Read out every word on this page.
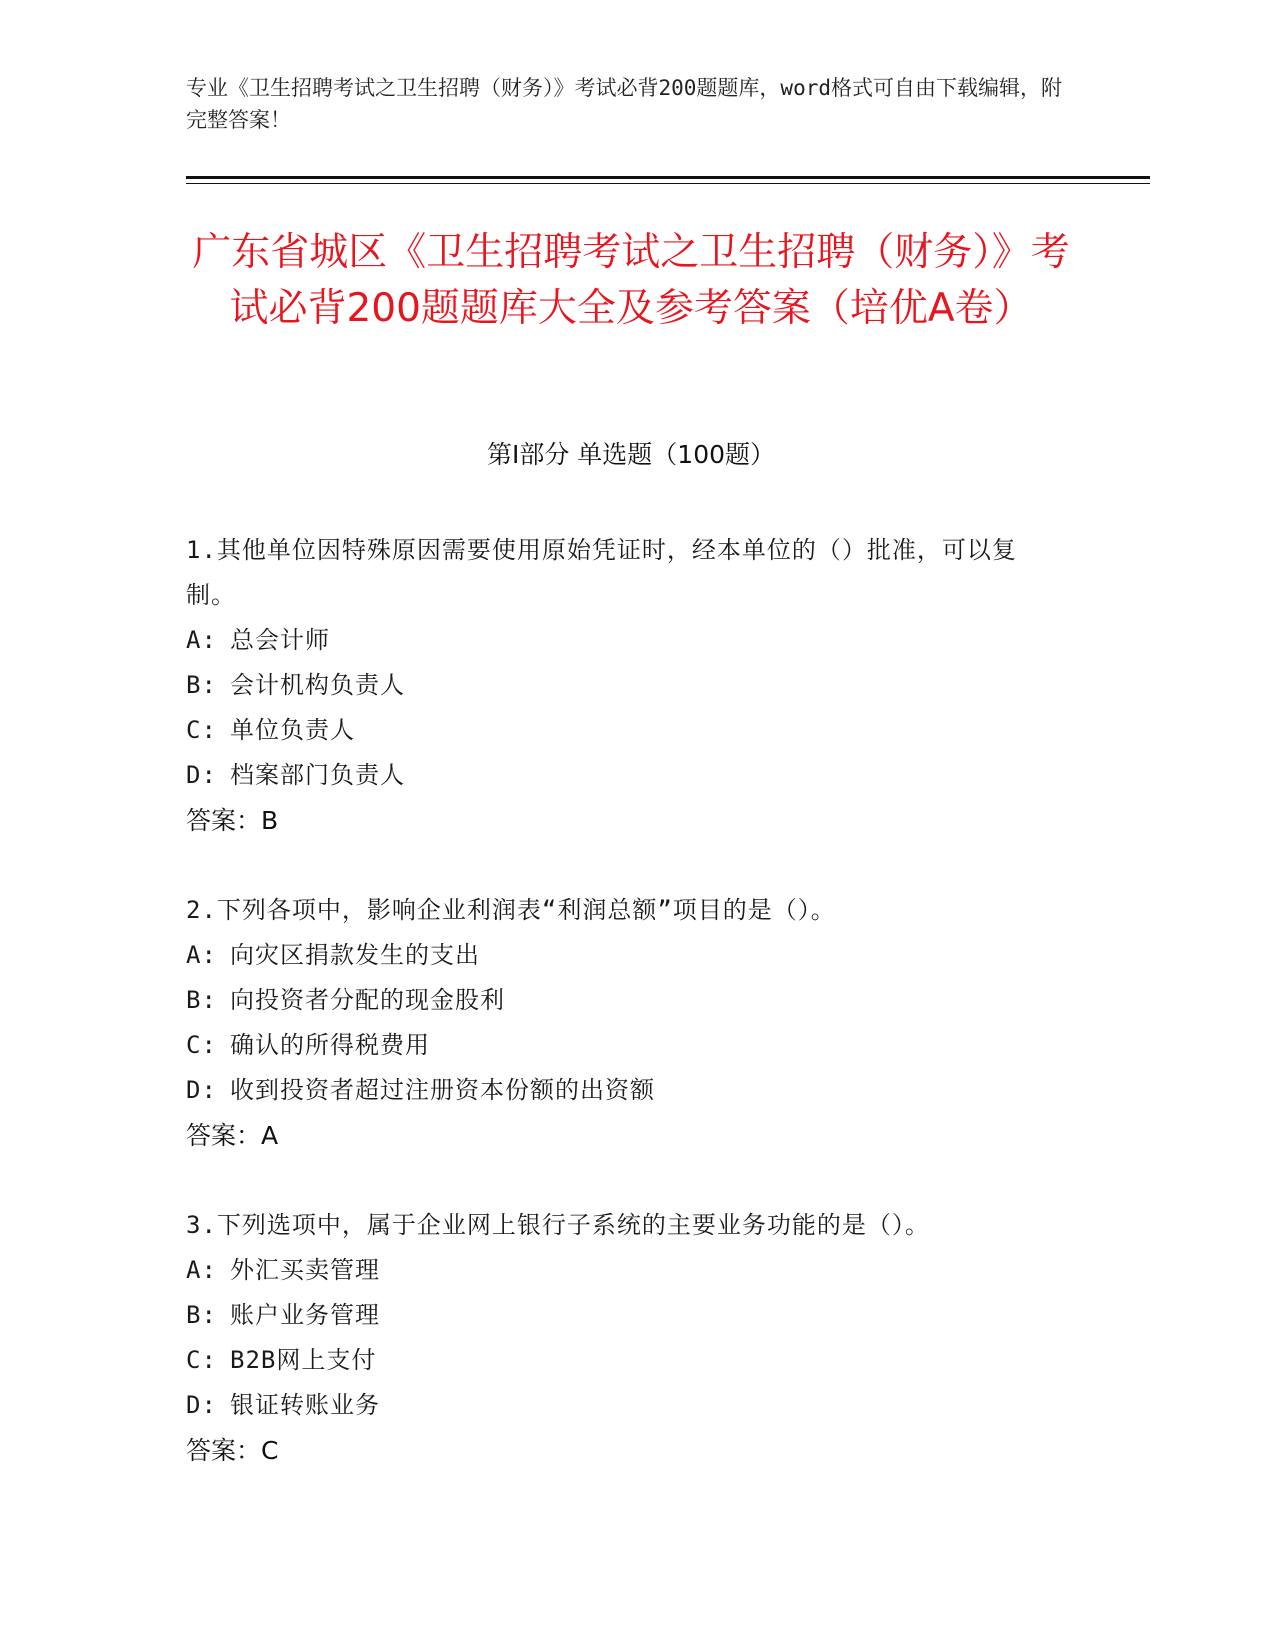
专业《卫生招聘考试之卫生招聘（财务）》考试必背200题题库，word格式可自由下载编辑，附完整答案！
广东省城区《卫生招聘考试之卫生招聘（财务）》考试必背200题题库大全及参考答案（培优A卷）
第Ⅰ部分 单选题（100题）
1.其他单位因特殊原因需要使用原始凭证时，经本单位的（）批准，可以复制。
A: 总会计师
B: 会计机构负责人
C: 单位负责人
D: 档案部门负责人
答案：B
2.下列各项中，影响企业利润表“利润总额”项目的是（）。
A: 向灾区捐款发生的支出
B: 向投资者分配的现金股利
C: 确认的所得税费用
D: 收到投资者超过注册资本份额的出资额
答案：A
3.下列选项中，属于企业网上银行子系统的主要业务功能的是（）。
A: 外汇买卖管理
B: 账户业务管理
C: B2B网上支付
D: 银证转账业务
答案：C
